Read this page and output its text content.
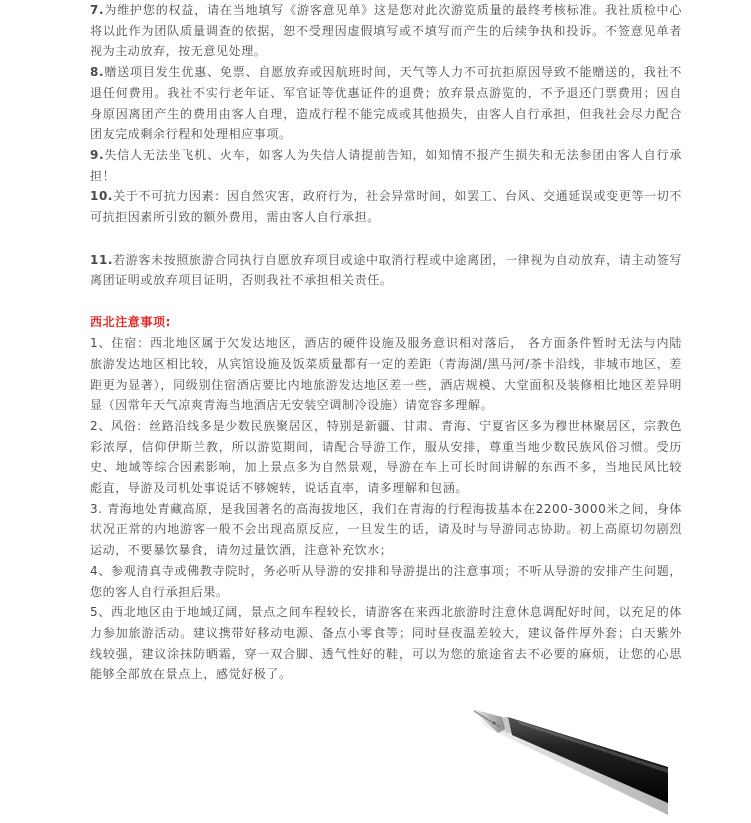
7.为维护您的权益，请在当地填写《游客意见单》这是您对此次游览质量的最终考核标准。我社质检中心将以此作为团队质量调查的依据，恕不受理因虚假填写或不填写而产生的后续争执和投诉。不签意见单者视为主动放弃，按无意见处理。

8.赠送项目发生优惠、免票、自愿放弃或因航班时间，天气等人力不可抗拒原因导致不能赠送的，我社不退任何费用。我社不实行老年证、军官证等优惠证件的退费；放弃景点游览的，不予退还门票费用；因自身原因离团产生的费用由客人自理，造成行程不能完成或其他损失，由客人自行承担，但我社会尽力配合团友完成剩余行程和处理相应事项。

9.失信人无法坐飞机、火车，如客人为失信人请提前告知，如知情不报产生损失和无法参团由客人自行承担！

10.关于不可抗力因素：因自然灾害，政府行为，社会异常时间，如罢工、台风、交通延误或变更等一切不可抗拒因素所引致的额外费用，需由客人自行承担。

11.若游客未按照旅游合同执行自愿放弃项目或途中取消行程或中途离团，一律视为自动放弃，请主动签写离团证明或放弃项目证明，否则我社不承担相关责任。

西北注意事项:

1、住宿：西北地区属于欠发达地区，酒店的硬件设施及服务意识相对落后， 各方面条件暂时无法与内陆旅游发达地区相比较，从宾馆设施及饭菜质量都有一定的差距（青海湖/黑马河/茶卡沿线，非城市地区，差距更为显著），同级别住宿酒店要比内地旅游发达地区差一些，酒店规模、大堂面积及装修相比地区差异明显（因常年天气凉爽青海当地酒店无安装空调制冷设施）请宽容多理解。

2、风俗：丝路沿线多是少数民族聚居区，特别是新疆、甘肃、青海、宁夏省区多为穆世林聚居区，宗教色彩浓厚，信仰伊斯兰教，所以游览期间，请配合导游工作，服从安排，尊重当地少数民族风俗习惯。受历史、地域等综合因素影响，加上景点多为自然景观，导游在车上可长时间讲解的东西不多，当地民风比较彪直，导游及司机处事说话不够婉转，说话直率，请多理解和包涵。

3. 青海地处青藏高原，是我国著名的高海拔地区，我们在青海的行程海拔基本在2200-3000米之间，身体状况正常的内地游客一般不会出现高原反应，一旦发生的话，请及时与导游同志协助。初上高原切勿剧烈运动，不要暴饮暴食，请勿过量饮酒，注意补充饮水；

4、参观清真寺或佛教寺院时，务必听从导游的安排和导游提出的注意事项；不听从导游的安排产生问题，您的客人自行承担后果。

5、西北地区由于地域辽阔，景点之间车程较长，请游客在来西北旅游时注意休息调配好时间，以充足的体力参加旅游活动。建议携带好移动电源、备点小零食等；同时昼夜温差较大，建议备件厚外套；白天紫外线较强，建议涂抹防晒霜，穿一双合脚、透气性好的鞋，可以为您的旅途省去不必要的麻烦，让您的心思能够全部放在景点上，感觉好极了。
